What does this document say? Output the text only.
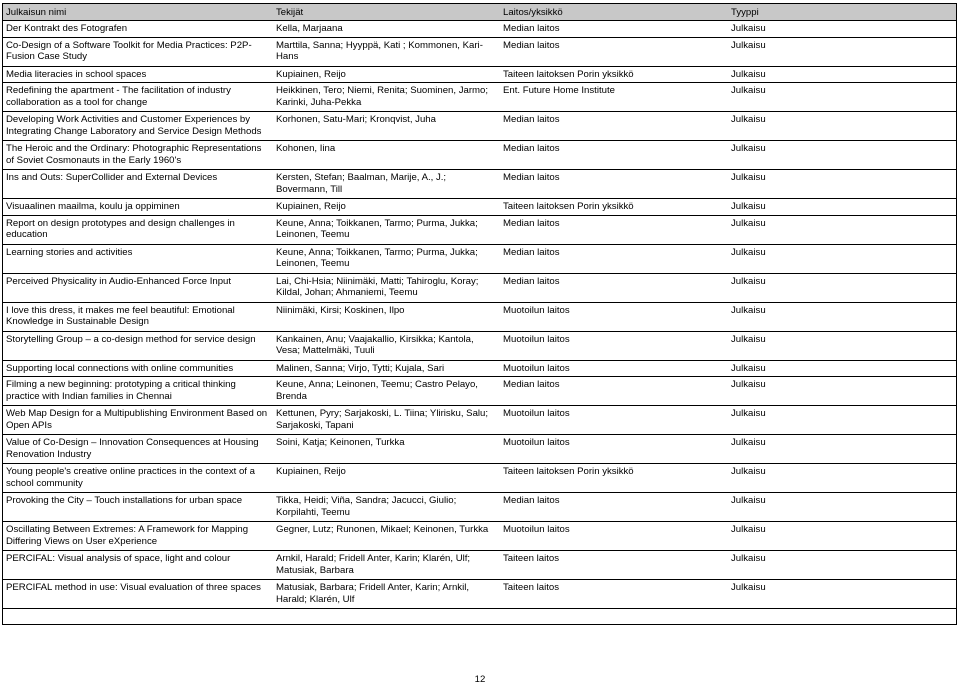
Julkaisun nimi	Tekijät	Laitos/yksikkö	Tyyppi
Der Kontrakt des Fotografen	Kella, Marjaana	Median laitos	Julkaisu
Co-Design of a Software Toolkit for Media Practices: P2P-Fusion Case Study	Marttila, Sanna; Hyyppä, Kati ; Kommonen, Kari-Hans	Median laitos	Julkaisu
Media literacies in school spaces	Kupiainen, Reijo	Taiteen laitoksen Porin yksikkö	Julkaisu
Redefining the apartment - The facilitation of industry collaboration as a tool for change	Heikkinen, Tero; Niemi, Renita; Suominen, Jarmo; Karinki, Juha-Pekka	Ent. Future Home Institute	Julkaisu
Developing Work Activities and Customer Experiences by Integrating Change Laboratory and Service Design Methods	Korhonen, Satu-Mari; Kronqvist, Juha	Median laitos	Julkaisu
The Heroic and the Ordinary: Photographic Representations of Soviet Cosmonauts in the Early 1960's	Kohonen, Iina	Median laitos	Julkaisu
Ins and Outs: SuperCollider and External Devices	Kersten, Stefan; Baalman, Marije, A., J.; Bovermann, Till	Median laitos	Julkaisu
Visuaalinen maailma, koulu ja oppiminen	Kupiainen, Reijo	Taiteen laitoksen Porin yksikkö	Julkaisu
Report on design prototypes and design challenges in education	Keune, Anna; Toikkanen, Tarmo; Purma, Jukka; Leinonen, Teemu	Median laitos	Julkaisu
Learning stories and activities	Keune, Anna; Toikkanen, Tarmo; Purma, Jukka; Leinonen, Teemu	Median laitos	Julkaisu
Perceived Physicality in Audio-Enhanced Force Input	Lai, Chi-Hsia; Niinimäki, Matti; Tahiroglu, Koray; Kildal, Johan; Ahmaniemi, Teemu	Median laitos	Julkaisu
I love this dress, it makes me feel beautiful: Emotional Knowledge in Sustainable Design	Niinimäki, Kirsi; Koskinen, Ilpo	Muotoilun laitos	Julkaisu
Storytelling Group – a co-design method for service design	Kankainen, Anu; Vaajakallio, Kirsikka; Kantola, Vesa; Mattelmäki, Tuuli	Muotoilun laitos	Julkaisu
Supporting local connections with online communities	Malinen, Sanna; Virjo, Tytti; Kujala, Sari	Muotoilun laitos	Julkaisu
Filming a new beginning: prototyping a critical thinking practice with Indian families in Chennai	Keune, Anna; Leinonen, Teemu; Castro Pelayo, Brenda	Median laitos	Julkaisu
Web Map Design for a Multipublishing Environment Based on Open APIs	Kettunen, Pyry; Sarjakoski, L. Tiina; Ylirisku, Salu; Sarjakoski, Tapani	Muotoilun laitos	Julkaisu
Value of Co-Design – Innovation Consequences at Housing Renovation Industry	Soini, Katja; Keinonen, Turkka	Muotoilun laitos	Julkaisu
Young people's creative online practices in the context of a school community	Kupiainen, Reijo	Taiteen laitoksen Porin yksikkö	Julkaisu
Provoking the City – Touch installations for urban space	Tikka, Heidi; Viña, Sandra; Jacucci, Giulio; Korpilahti, Teemu	Median laitos	Julkaisu
Oscillating Between Extremes: A Framework for Mapping Differing Views on User eXperience	Gegner, Lutz; Runonen, Mikael; Keinonen, Turkka	Muotoilun laitos	Julkaisu
PERCIFAL: Visual analysis of space, light and colour	Arnkil, Harald; Fridell Anter, Karin; Klarén, Ulf; Matusiak, Barbara	Taiteen laitos	Julkaisu
PERCIFAL method in use: Visual evaluation of three spaces	Matusiak, Barbara; Fridell Anter, Karin; Arnkil, Harald; Klarén, Ulf	Taiteen laitos	Julkaisu
12
